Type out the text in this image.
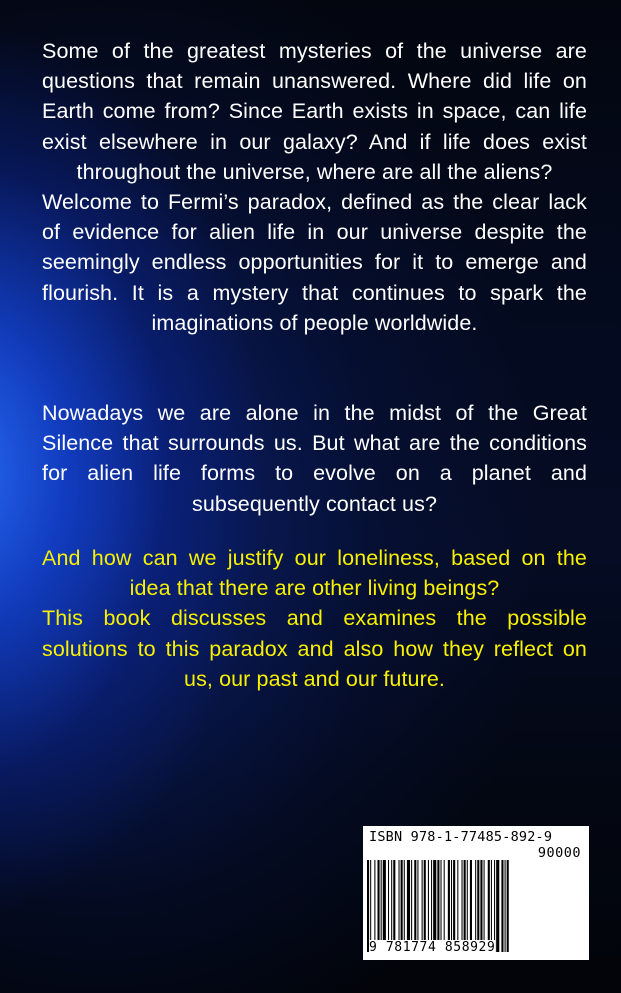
Some of the greatest mysteries of the universe are questions that remain unanswered. Where did life on Earth come from? Since Earth exists in space, can life exist elsewhere in our galaxy? And if life does exist throughout the universe, where are all the aliens?

Welcome to Fermi’s paradox, defined as the clear lack of evidence for alien life in our universe despite the seemingly endless opportunities for it to emerge and flourish. It is a mystery that continues to spark the imaginations of people worldwide.

Nowadays we are alone in the midst of the Great Silence that surrounds us. But what are the conditions for alien life forms to evolve on a planet and subsequently contact us?

And how can we justify our loneliness, based on the idea that there are other living beings?

This book discusses and examines the possible solutions to this paradox and also how they reflect on us, our past and our future.

ISBN 978-1-77485-892-9
90000
9 781774 858929
